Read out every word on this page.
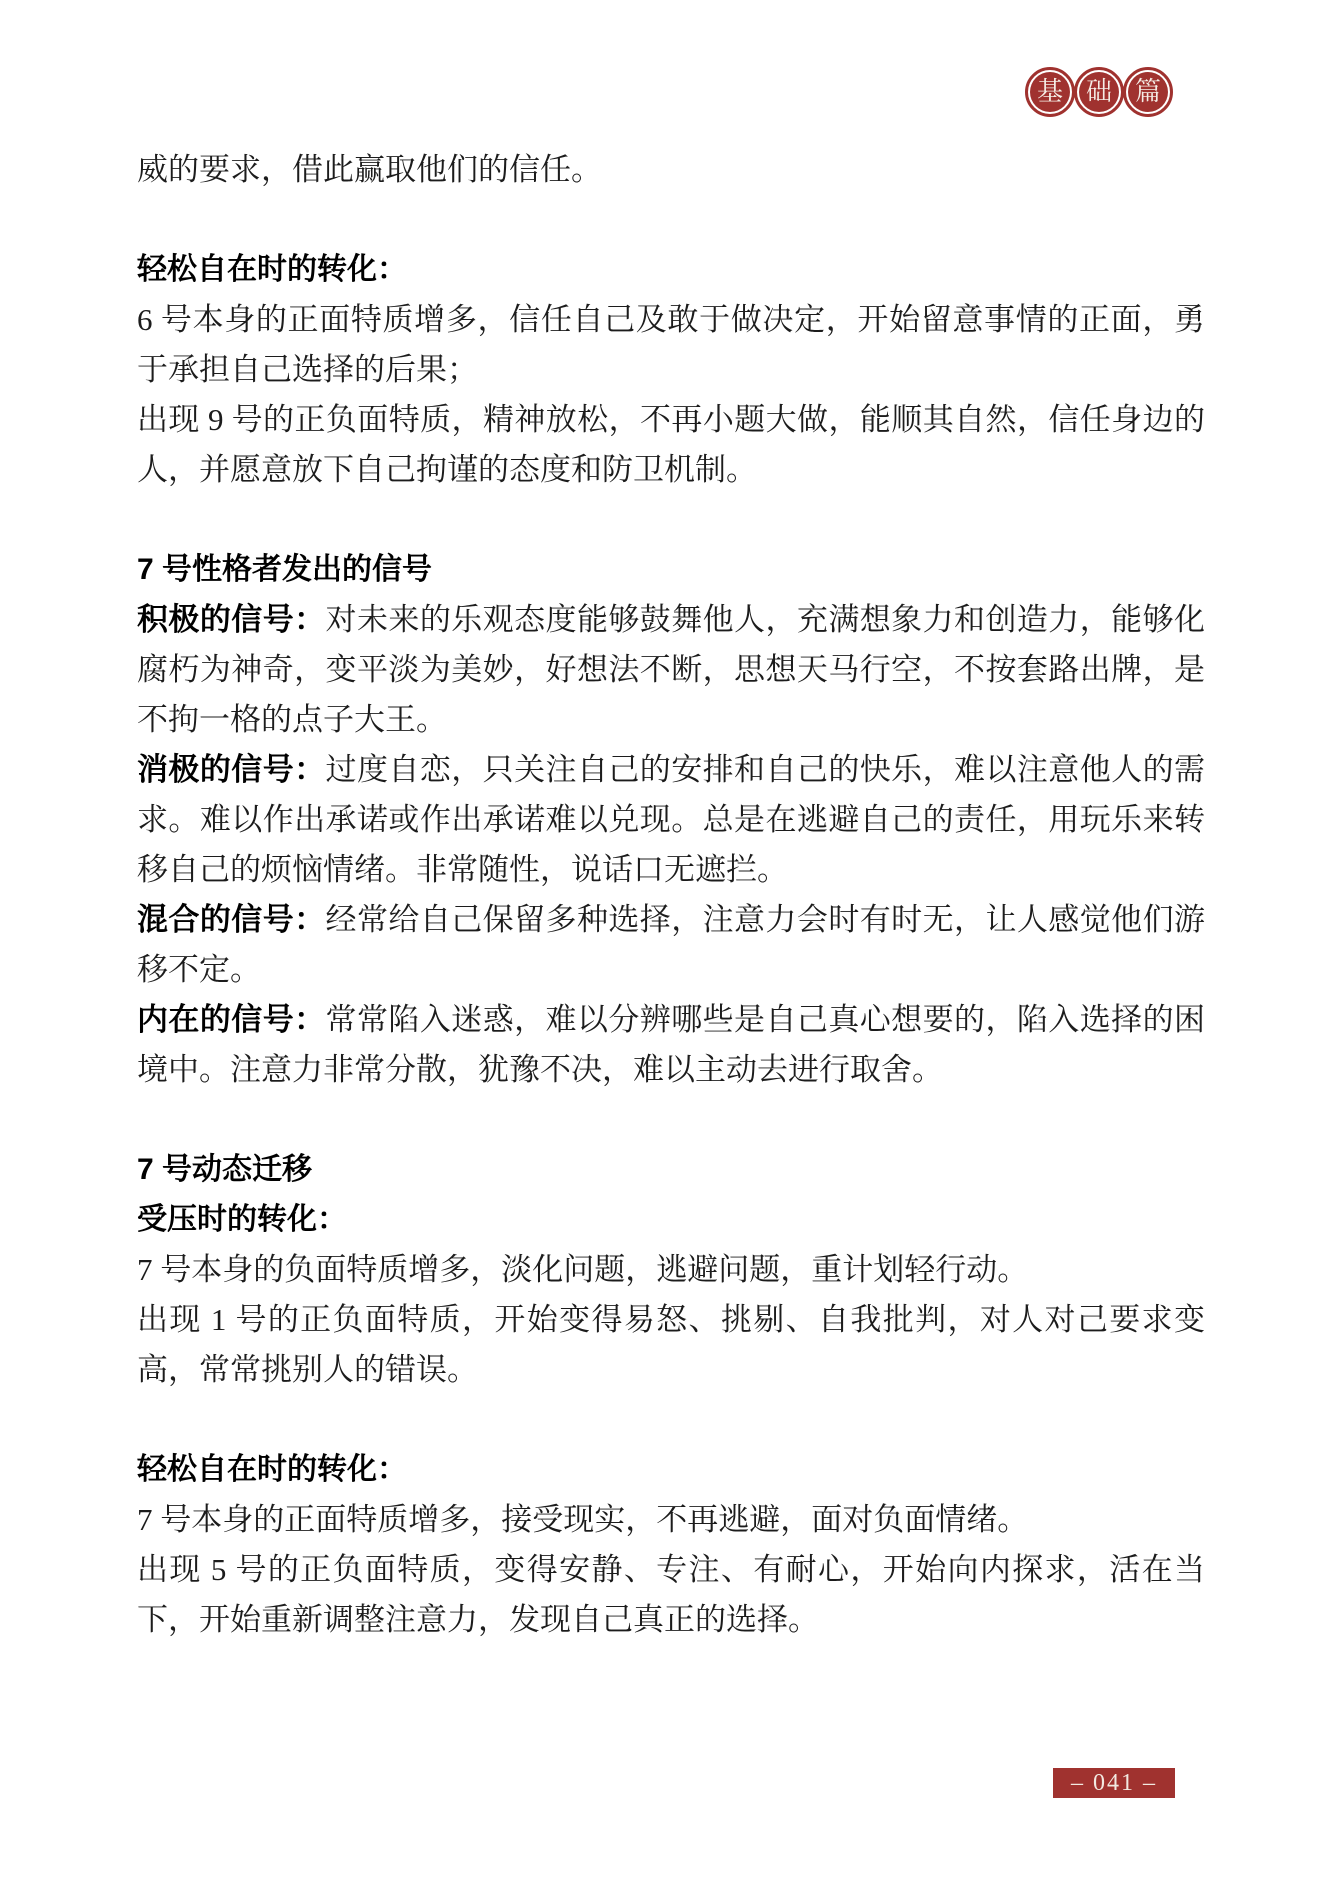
基 础 篇

威的要求，借此赢取他们的信任。

轻松自在时的转化：

6 号本身的正面特质增多，信任自己及敢于做决定，开始留意事情的正面，勇于承担自己选择的后果；

出现 9 号的正负面特质，精神放松，不再小题大做，能顺其自然，信任身边的人，并愿意放下自己拘谨的态度和防卫机制。

7 号性格者发出的信号

积极的信号：对未来的乐观态度能够鼓舞他人，充满想象力和创造力，能够化腐朽为神奇，变平淡为美妙，好想法不断，思想天马行空，不按套路出牌，是不拘一格的点子大王。

消极的信号：过度自恋，只关注自己的安排和自己的快乐，难以注意他人的需求。难以作出承诺或作出承诺难以兑现。总是在逃避自己的责任，用玩乐来转移自己的烦恼情绪。非常随性，说话口无遮拦。

混合的信号：经常给自己保留多种选择，注意力会时有时无，让人感觉他们游移不定。

内在的信号：常常陷入迷惑，难以分辨哪些是自己真心想要的，陷入选择的困境中。注意力非常分散，犹豫不决，难以主动去进行取舍。

7 号动态迁移
受压时的转化：

7 号本身的负面特质增多，淡化问题，逃避问题，重计划轻行动。

出现 1 号的正负面特质，开始变得易怒、挑剔、自我批判，对人对己要求变高，常常挑别人的错误。

轻松自在时的转化：

7 号本身的正面特质增多，接受现实，不再逃避，面对负面情绪。

出现 5 号的正负面特质，变得安静、专注、有耐心，开始向内探求，活在当下，开始重新调整注意力，发现自己真正的选择。

– 041 –
